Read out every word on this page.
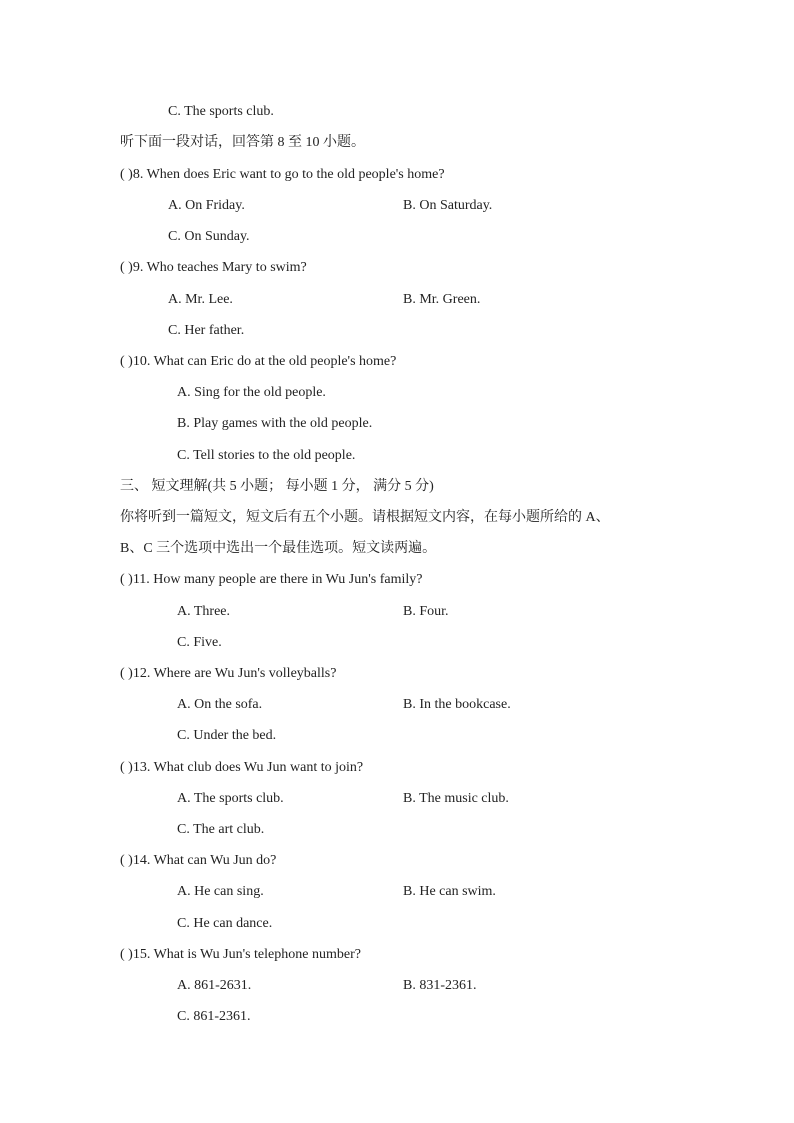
C. The sports club.
听下面一段对话，回答第 8 至 10 小题。
( )8. When does Eric want to go to the old people's home?
A. On Friday.	B. On Saturday.
C. On Sunday.
( )9. Who teaches Mary to swim?
A. Mr. Lee.	B. Mr. Green.
C. Her father.
( )10. What can Eric do at the old people's home?
A. Sing for the old people.
B. Play games with the old people.
C. Tell stories to the old people.
三、 短文理解(共 5 小题； 每小题 1 分， 满分 5 分)
你将听到一篇短文，短文后有五个小题。请根据短文内容，在每小题所给的 A、
B、C 三个选项中选出一个最佳选项。短文读两遍。
( )11. How many people are there in Wu Jun's family?
A. Three.	B. Four.
C. Five.
( )12. Where are Wu Jun's volleyballs?
A. On the sofa.	B. In the bookcase.
C. Under the bed.
( )13. What club does Wu Jun want to join?
A. The sports club.	B. The music club.
C. The art club.
( )14. What can Wu Jun do?
A. He can sing.	B. He can swim.
C. He can dance.
( )15. What is Wu Jun's telephone number?
A. 861-2631.	B. 831-2361.
C. 861-2361.
